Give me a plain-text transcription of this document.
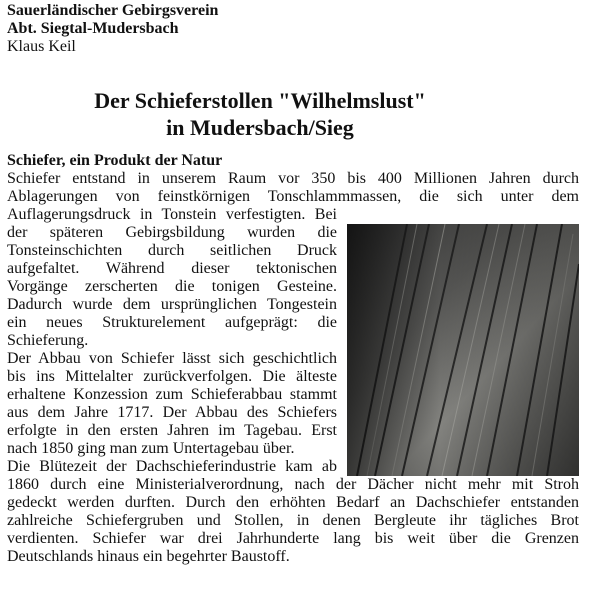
Sauerländischer Gebirgsverein
Abt. Siegtal-Mudersbach
Klaus Keil
Der Schieferstollen "Wilhelmslust"
in Mudersbach/Sieg
Schiefer, ein Produkt der Natur
Schiefer entstand in unserem Raum vor 350 bis 400 Millionen Jahren durch
Ablagerungen von feinstkörnigen Tonschlammmassen, die sich unter dem
Auflagerungsdruck in Tonstein verfestigten. Bei
der späteren Gebirgsbildung wurden die
Tonsteinschichten durch seitlichen Druck
aufgefaltet. Während dieser tektonischen
Vorgänge zerscherten die tonigen Gesteine.
Dadurch wurde dem ursprünglichen Tongestein
ein neues Strukturelement aufgeprägt: die
Schieferung.
Der Abbau von Schiefer lässt sich geschichtlich
bis ins Mittelalter zurückverfolgen. Die älteste
erhaltene Konzession zum Schieferabbau stammt
aus dem Jahre 1717. Der Abbau des Schiefers
erfolgte in den ersten Jahren im Tagebau. Erst
nach 1850 ging man zum Untertagebau über.
Die Blütezeit der Dachschieferindustrie kam ab
1860 durch eine Ministerialverordnung, nach der Dächer nicht mehr mit Stroh
gedeckt werden durften. Durch den erhöhten Bedarf an Dachschiefer entstanden
zahlreiche Schiefergruben und Stollen, in denen Bergleute ihr tägliches Brot
verdienten. Schiefer war drei Jahrhunderte lang bis weit über die Grenzen
Deutschlands hinaus ein begehrter Baustoff.
